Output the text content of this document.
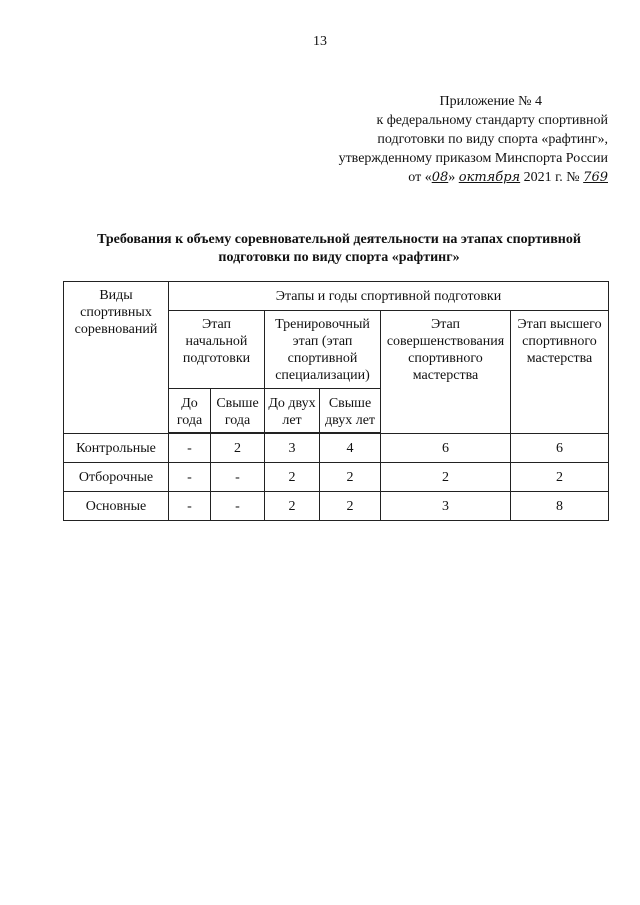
13
Приложение № 4
к федеральному стандарту спортивной
подготовки по виду спорта «рафтинг»,
утвержденному приказом Минспорта России
от «08» октября 2021 г. № 769
Требования к объему соревновательной деятельности на этапах спортивной подготовки по виду спорта «рафтинг»
Виды спортивных соревнований	Этапы и годы спортивной подготовки					
	Этап начальной подготовки		Тренировочный этап (этап спортивной специализации)		Этап совершенствования спортивного мастерства	Этап высшего спортивного мастерства
	До года	Свыше года	До двух лет	Свыше двух лет		

Контрольные	-	2	3	4	6	6
Отборочные	-	-	2	2	2	2
Основные	-	-	2	2	3	8
